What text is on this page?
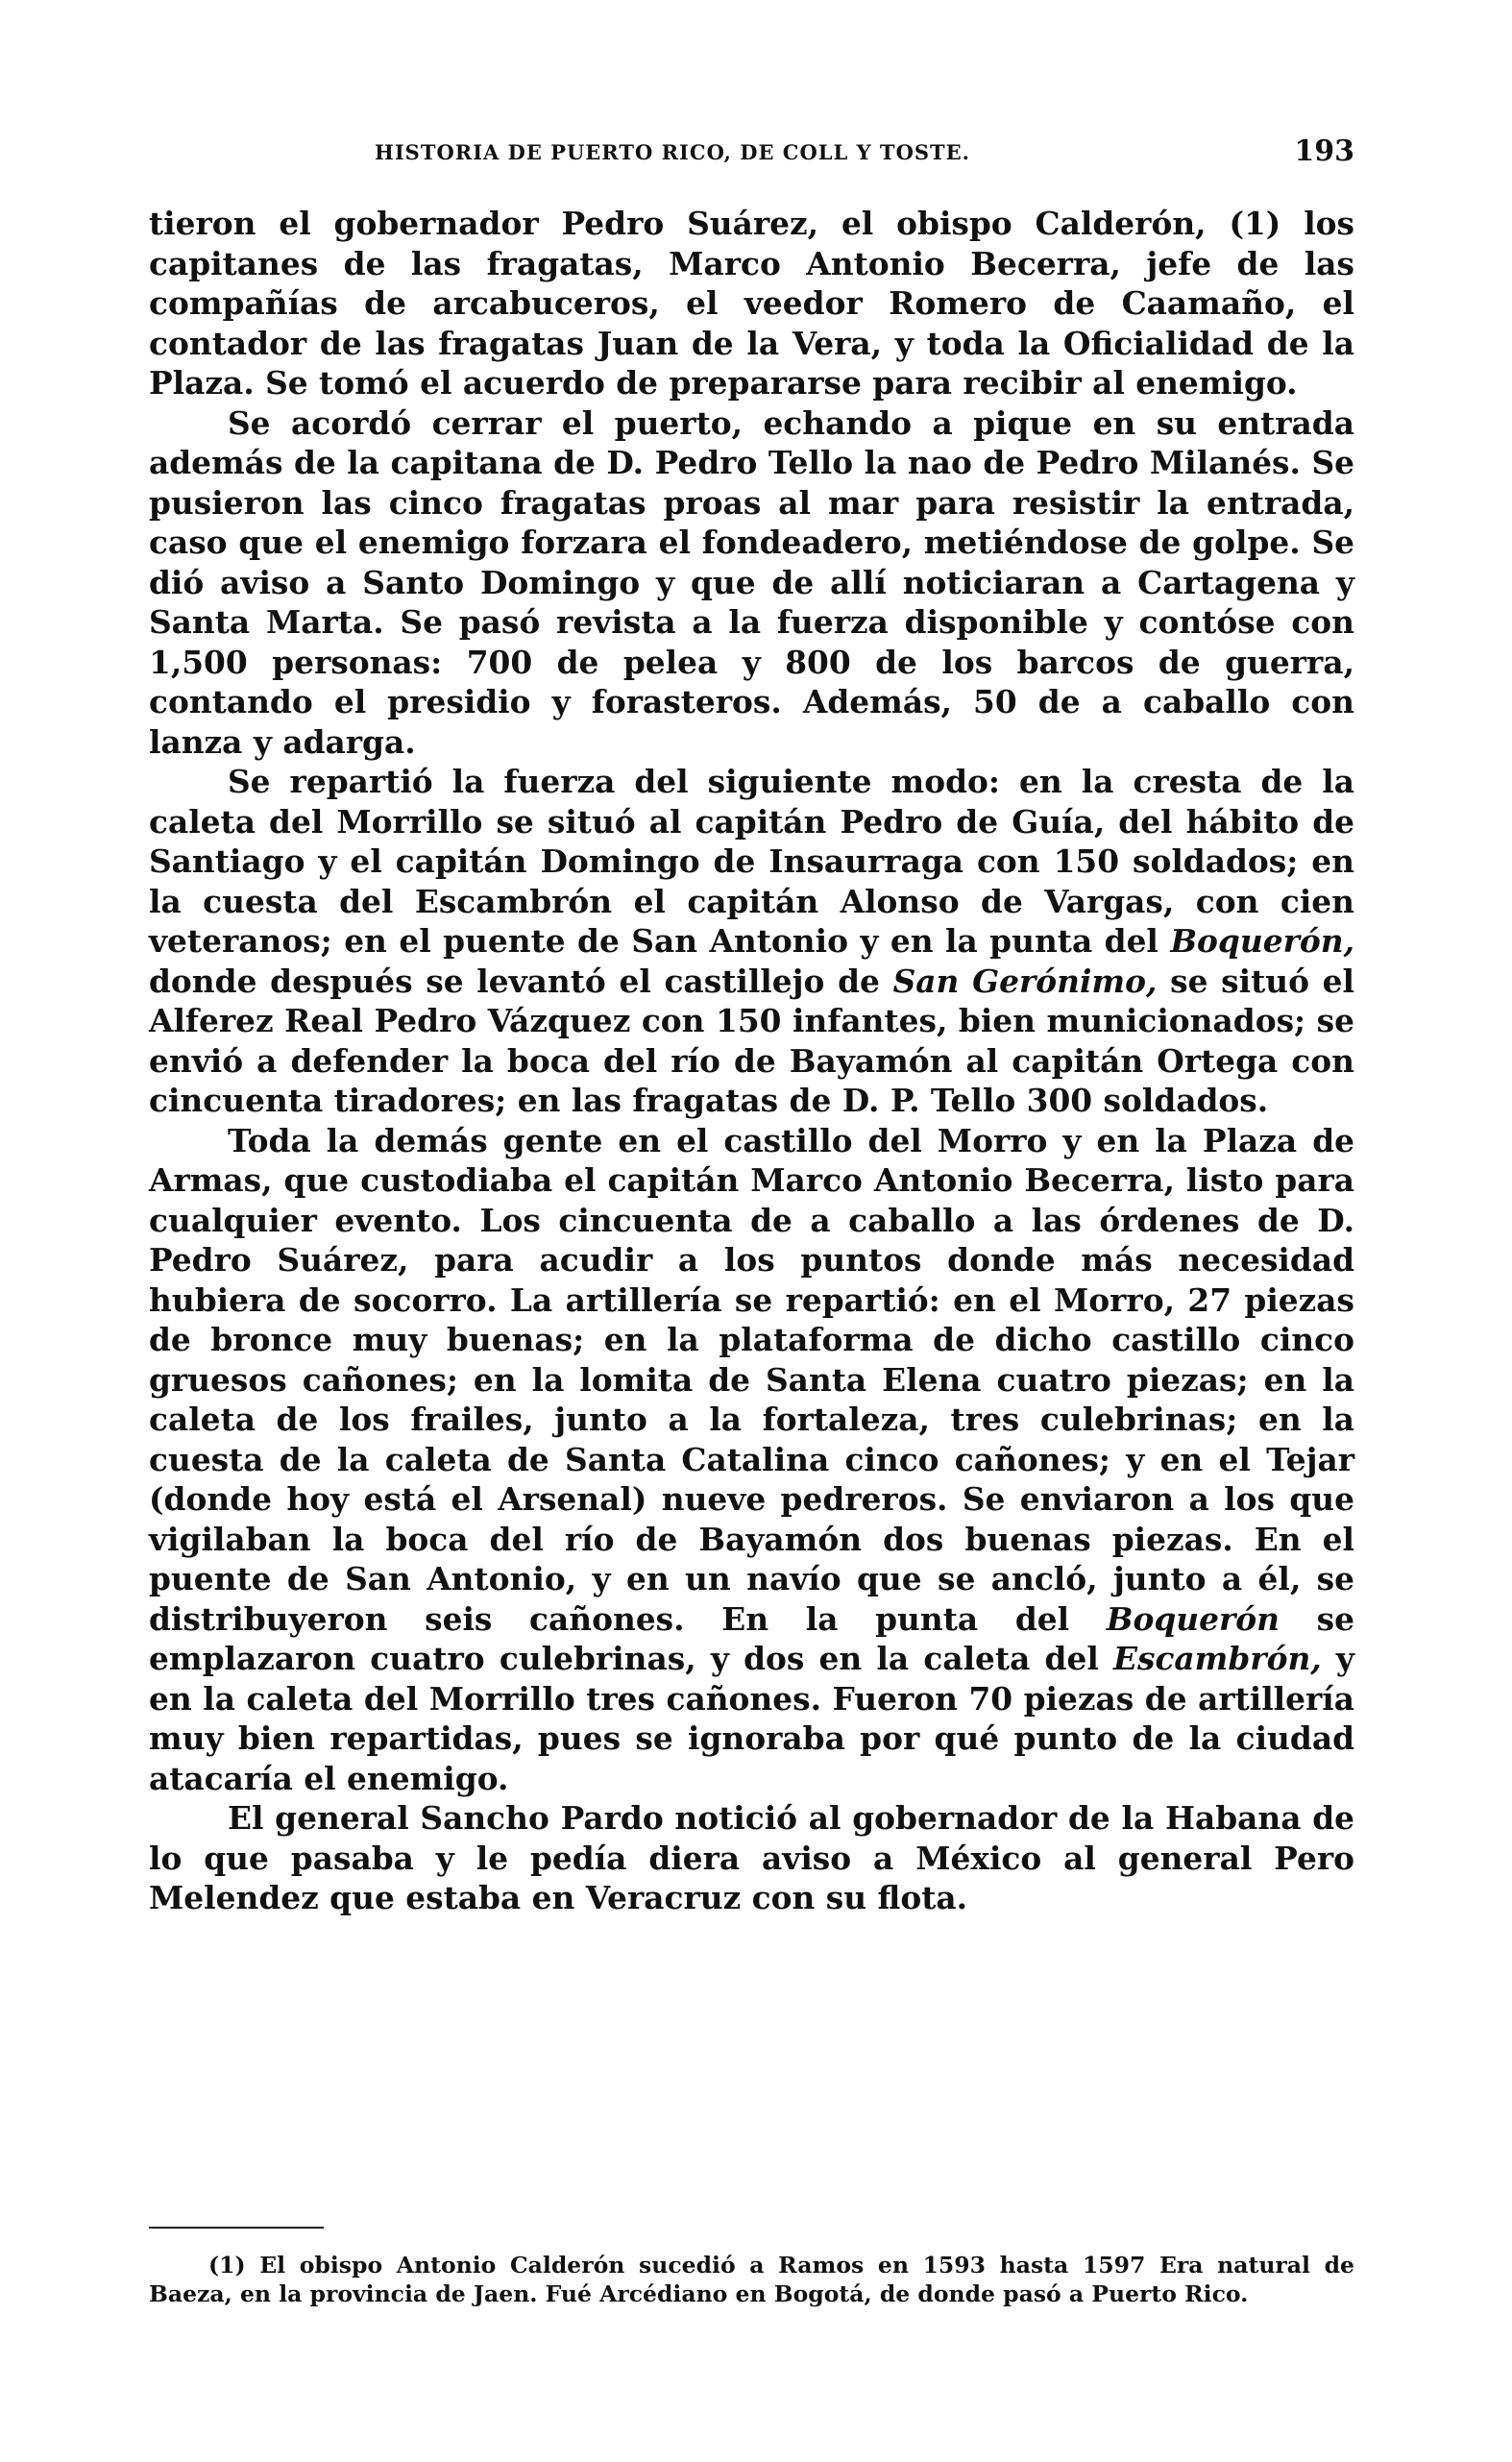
HISTORIA DE PUERTO RICO, DE COLL Y TOSTE.	193

tieron el gobernador Pedro Suárez, el obispo Calderón, (1) los capitanes de las fragatas, Marco Antonio Becerra, jefe de las compañías de arcabuceros, el veedor Romero de Caamaño, el contador de las fragatas Juan de la Vera, y toda la Oficialidad de la Plaza. Se tomó el acuerdo de prepararse para recibir al enemigo.

Se acordó cerrar el puerto, echando a pique en su entrada además de la capitana de D. Pedro Tello la nao de Pedro Milanés. Se pusieron las cinco fragatas proas al mar para resistir la entrada, caso que el enemigo forzara el fondeadero, metiéndose de golpe. Se dió aviso a Santo Domingo y que de allí noticiaran a Cartagena y Santa Marta. Se pasó revista a la fuerza disponible y contóse con 1,500 personas: 700 de pelea y 800 de los barcos de guerra, contando el presidio y forasteros. Además, 50 de a caballo con lanza y adarga.

Se repartió la fuerza del siguiente modo: en la cresta de la caleta del Morrillo se situó al capitán Pedro de Guía, del hábito de Santiago y el capitán Domingo de Insaurraga con 150 soldados; en la cuesta del Escambrón el capitán Alonso de Vargas, con cien veteranos; en el puente de San Antonio y en la punta del Boquerón, donde después se levantó el castillejo de San Gerónimo, se situó el Alferez Real Pedro Vázquez con 150 infantes, bien municionados; se envió a defender la boca del río de Bayamón al capitán Ortega con cincuenta tiradores; en las fragatas de D. P. Tello 300 soldados.

Toda la demás gente en el castillo del Morro y en la Plaza de Armas, que custodiaba el capitán Marco Antonio Becerra, listo para cualquier evento. Los cincuenta de a caballo a las órdenes de D. Pedro Suárez, para acudir a los puntos donde más necesidad hubiera de socorro. La artillería se repartió: en el Morro, 27 piezas de bronce muy buenas; en la plataforma de dicho castillo cinco gruesos cañones; en la lomita de Santa Elena cuatro piezas; en la caleta de los frailes, junto a la fortaleza, tres culebrinas; en la cuesta de la caleta de Santa Catalina cinco cañones; y en el Tejar (donde hoy está el Arsenal) nueve pedreros. Se enviaron a los que vigilaban la boca del río de Bayamón dos buenas piezas. En el puente de San Antonio, y en un navío que se ancló, junto a él, se distribuyeron seis cañones. En la punta del Boquerón se emplazaron cuatro culebrinas, y dos en la caleta del Escambrón, y en la caleta del Morrillo tres cañones. Fueron 70 piezas de artillería muy bien repartidas, pues se ignoraba por qué punto de la ciudad atacaría el enemigo.

El general Sancho Pardo notició al gobernador de la Habana de lo que pasaba y le pedía diera aviso a México al general Pero Melendez que estaba en Veracruz con su flota.

(1) El obispo Antonio Calderón sucedió a Ramos en 1593 hasta 1597 Era natural de Baeza, en la provincia de Jaen. Fué Arcédiano en Bogotá, de donde pasó a Puerto Rico.
